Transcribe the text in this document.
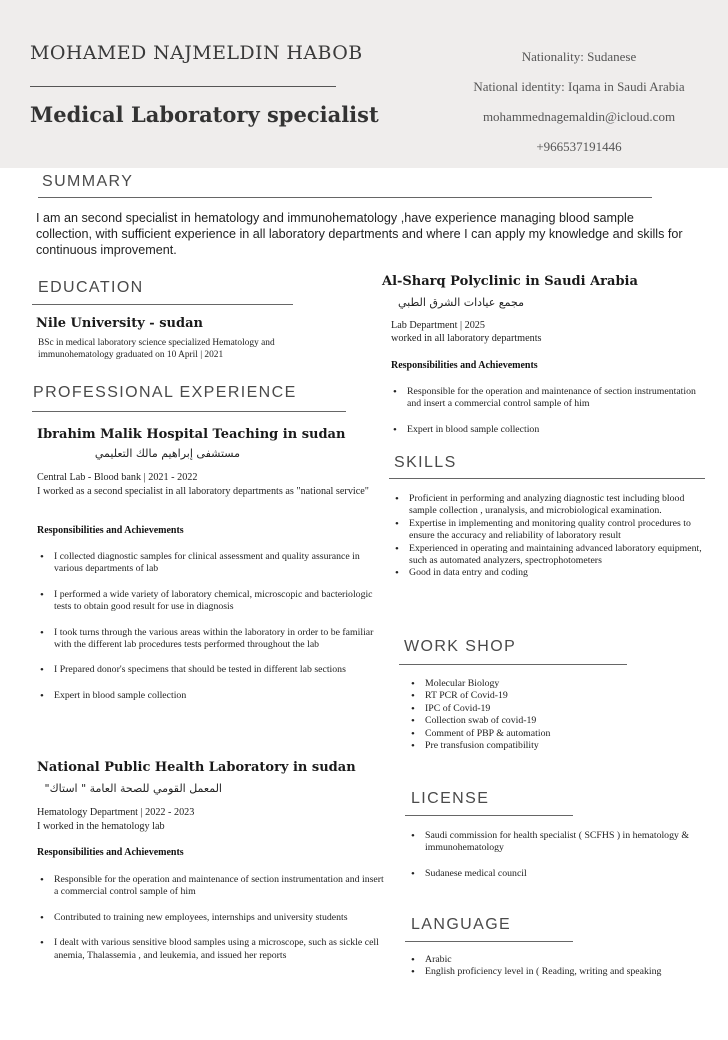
MOHAMED NAJMELDIN HABOB
Medical Laboratory specialist
Nationality: Sudanese
National identity: Iqama in Saudi Arabia
mohammednagemaldin@icloud.com
+966537191446
SUMMARY
I am an second specialist in hematology and immunohematology ,have experience managing blood sample collection, with sufficient experience in all laboratory departments and where I can apply my knowledge and skills for continuous improvement.
EDUCATION
Nile University - sudan
BSc in medical laboratory science specialized Hematology and immunohematology graduated on 10 April | 2021
PROFESSIONAL EXPERIENCE
Ibrahim Malik Hospital Teaching in sudan
مستشفى إبراهيم مالك التعليمي
Central Lab - Blood bank | 2021 - 2022
I worked as a second specialist in all laboratory departments as "national service"
Responsibilities and Achievements
• I collected diagnostic samples for clinical assessment and quality assurance in various departments of lab
• I performed a wide variety of laboratory chemical, microscopic and bacteriologic tests to obtain good result for use in diagnosis
• I took turns through the various areas within the laboratory in order to be familiar with the different lab procedures tests performed throughout the lab
• I Prepared donor's specimens that should be tested in different lab sections
• Expert in blood sample collection
National Public Health Laboratory in sudan
المعمل القومي للصحة العامة " استاك"
Hematology Department | 2022 - 2023
I worked in the hematology lab
Responsibilities and Achievements
• Responsible for the operation and maintenance of section instrumentation and insert a commercial control sample of him
• Contributed to training new employees, internships and university students
• I dealt with various sensitive blood samples using a microscope, such as sickle cell anemia, Thalassemia , and leukemia, and issued her reports
Al-Sharq Polyclinic in Saudi Arabia
مجمع عيادات الشرق الطبي
Lab Department | 2025
worked in all laboratory departments
Responsibilities and Achievements
• Responsible for the operation and maintenance of section instrumentation and insert a commercial control sample of him
• Expert in blood sample collection
SKILLS
• Proficient in performing and analyzing diagnostic test including blood sample collection , uranalysis, and microbiological examination.
• Expertise in implementing and monitoring quality control procedures to ensure the accuracy and reliability of laboratory result
• Experienced in operating and maintaining advanced laboratory equipment, such as automated analyzers, spectrophotometers
• Good in data entry and coding
WORK SHOP
• Molecular Biology
• RT PCR of Covid-19
• IPC of Covid-19
• Collection swab of covid-19
• Comment of PBP & automation
• Pre transfusion compatibility
LICENSE
• Saudi commission for health specialist ( SCFHS ) in hematology & immunohematology
• Sudanese medical council
LANGUAGE
• Arabic
• English proficiency level in ( Reading, writing and speaking
